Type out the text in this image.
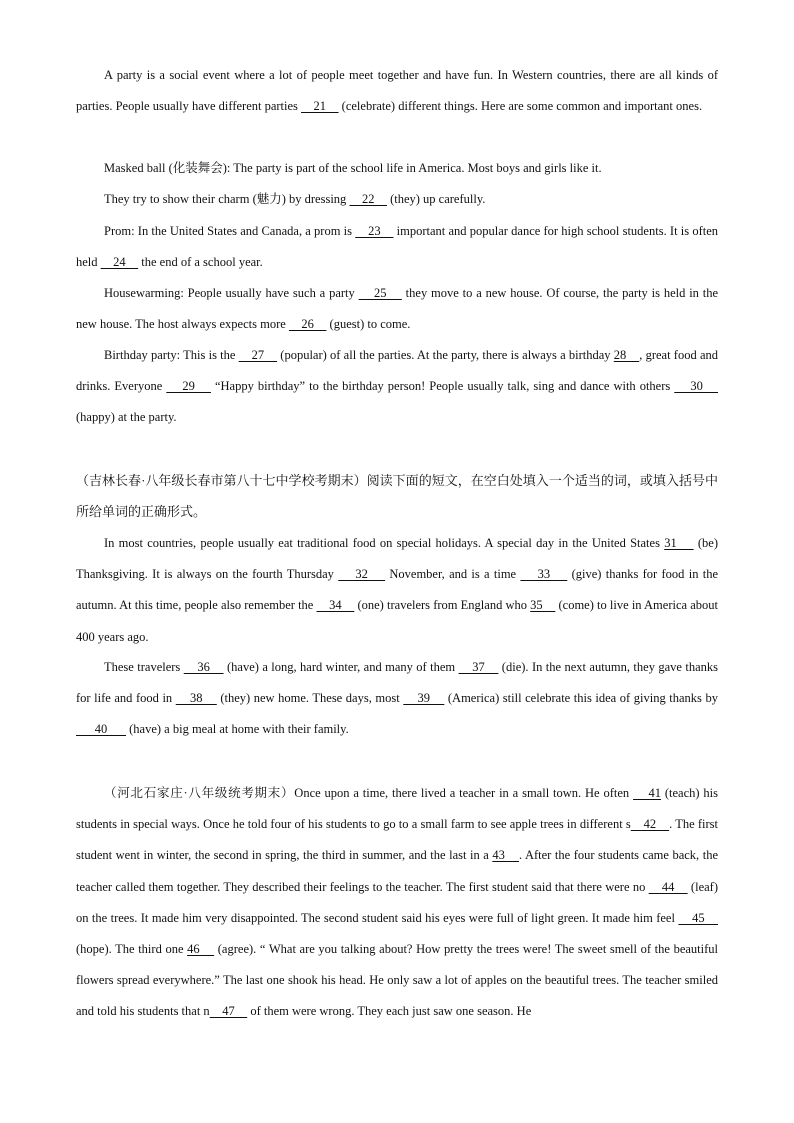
A party is a social event where a lot of people meet together and have fun. In Western countries, there are all kinds of parties. People usually have different parties     21     (celebrate) different things. Here are some common and important ones.

Masked ball (化装舞会): The party is part of the school life in America. Most boys and girls like it.

They try to show their charm (魅力) by dressing     22     (they) up carefully.

Prom: In the United States and Canada, a prom is     23     important and popular dance for high school students. It is often held     24     the end of a school year.

Housewarming: People usually have such a party     25     they move to a new house. Of course, the party is held in the new house. The host always expects more     26     (guest) to come.

Birthday party: This is the     27     (popular) of all the parties. At the party, there is always a birthday 28    , great food and drinks. Everyone     29     “Happy birthday” to the birthday person! People usually talk, sing and dance with others     30     (happy) at the party.

（吉林长春·八年级长春市第八十七中学校考期末）阅读下面的短文，在空白处填入一个适当的词，或填入括号中所给单词的正确形式。

In most countries, people usually eat traditional food on special holidays. A special day in the United States 31     (be) Thanksgiving. It is always on the fourth Thursday     32     November, and is a time     33     (give) thanks for food in the autumn. At this time, people also remember the     34     (one) travelers from England who 35     (come) to live in America about 400 years ago.

These travelers     36     (have) a long, hard winter, and many of them     37     (die). In the next autumn, they gave thanks for life and food in     38     (they) new home. These days, most     39     (America) still celebrate this idea of giving thanks by       40       (have) a big meal at home with their family.

（河北石家庄·八年级统考期末）Once upon a time, there lived a teacher in a small town. He often     41 (teach) his students in special ways. Once he told four of his students to go to a small farm to see apple trees in different s    42    . The first student went in winter, the second in spring, the third in summer, and the last in a 43    . After the four students came back, the teacher called them together. They described their feelings to the teacher. The first student said that there were no     44     (leaf) on the trees. It made him very disappointed. The second student said his eyes were full of light green. It made him feel     45     (hope). The third one 46     (agree). “ What are you talking about? How pretty the trees were! The sweet smell of the beautiful flowers spread everywhere.” The last one shook his head. He only saw a lot of apples on the beautiful trees. The teacher smiled and told his students that n    47     of them were wrong. They each just saw one season. He
